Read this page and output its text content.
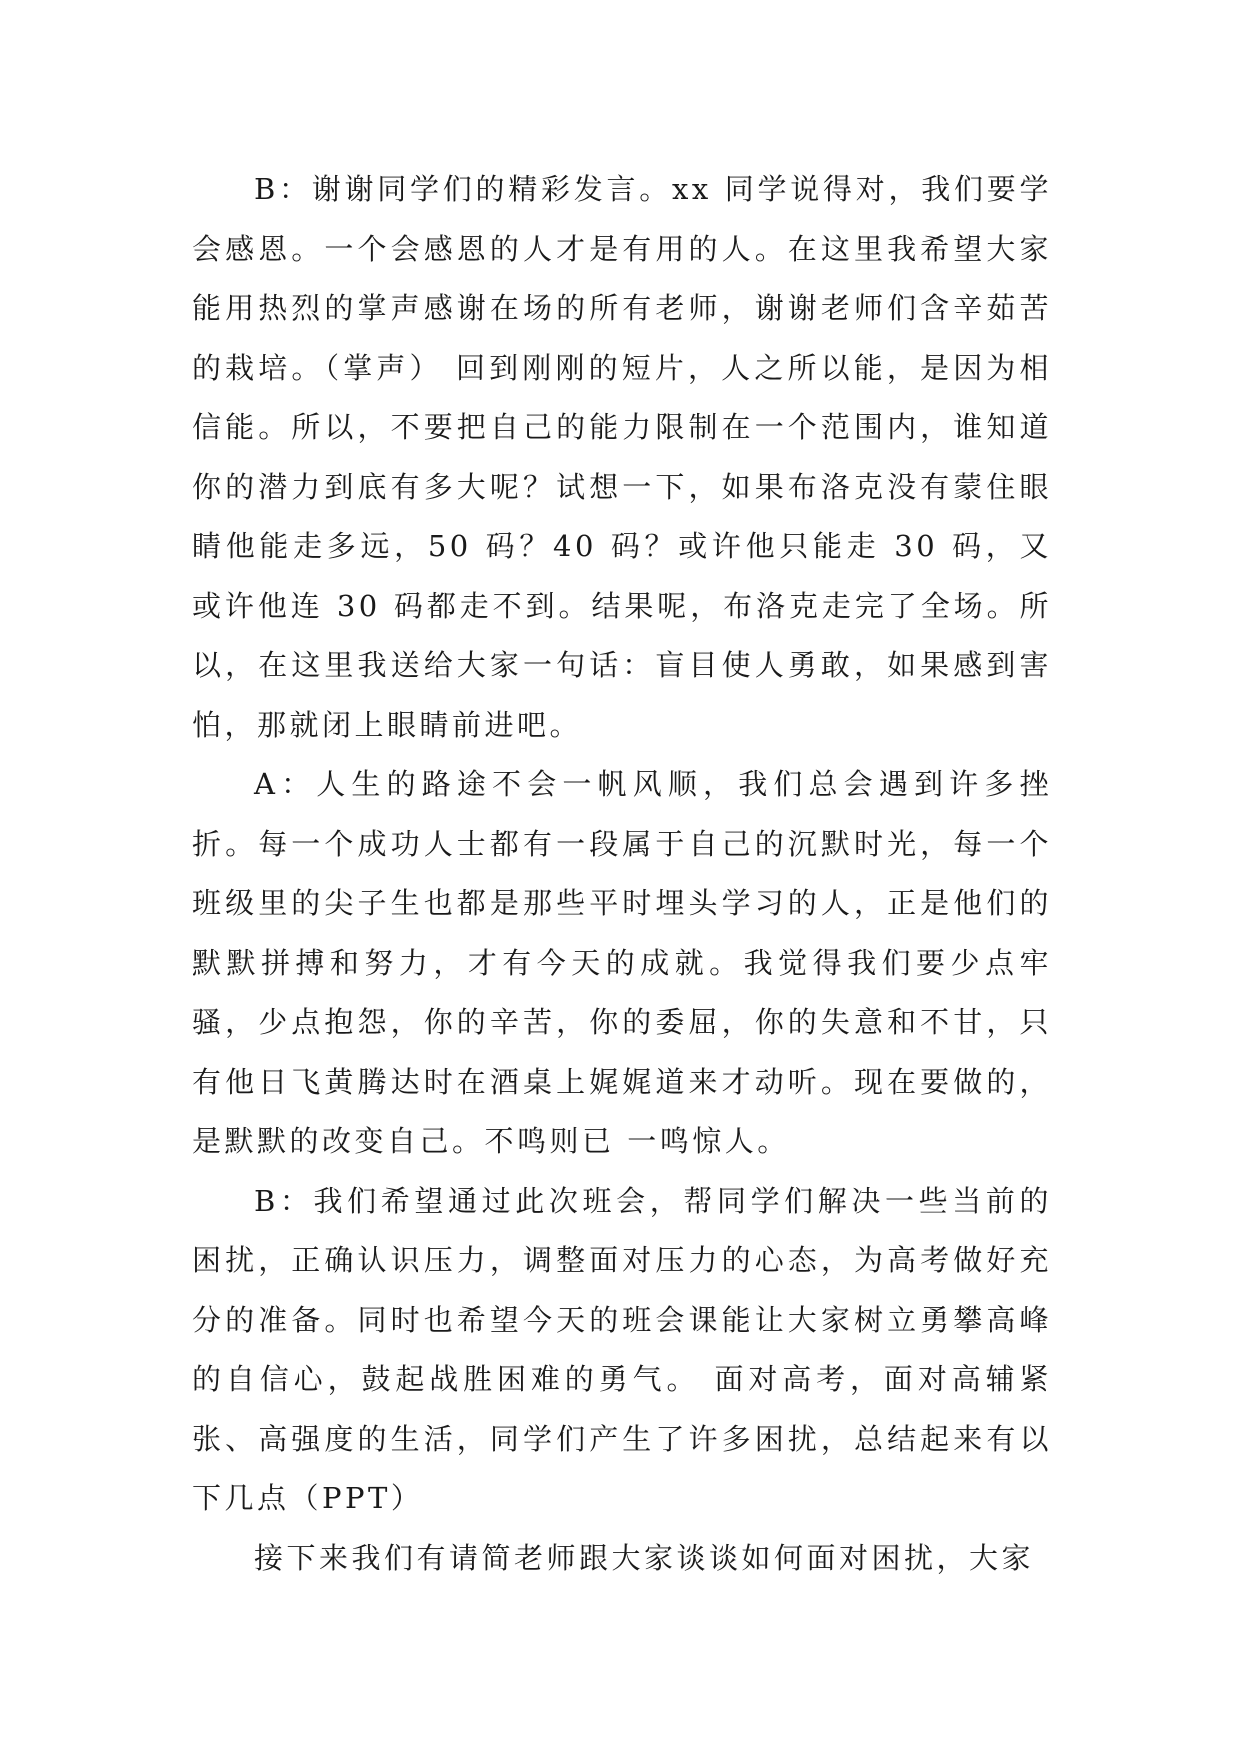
B：谢谢同学们的精彩发言。xx 同学说得对，我们要学会感恩。一个会感恩的人才是有用的人。在这里我希望大家能用热烈的掌声感谢在场的所有老师，谢谢老师们含辛茹苦的栽培。（掌声） 回到刚刚的短片，人之所以能，是因为相信能。所以，不要把自己的能力限制在一个范围内，谁知道你的潜力到底有多大呢？试想一下，如果布洛克没有蒙住眼睛他能走多远，50 码？40 码？或许他只能走 30 码，又或许他连 30 码都走不到。结果呢，布洛克走完了全场。所以，在这里我送给大家一句话：盲目使人勇敢，如果感到害怕，那就闭上眼睛前进吧。

A：人生的路途不会一帆风顺，我们总会遇到许多挫折。每一个成功人士都有一段属于自己的沉默时光，每一个班级里的尖子生也都是那些平时埋头学习的人，正是他们的默默拼搏和努力，才有今天的成就。我觉得我们要少点牢骚，少点抱怨，你的辛苦，你的委屈，你的失意和不甘，只有他日飞黄腾达时在酒桌上娓娓道来才动听。现在要做的，是默默的改变自己。不鸣则已 一鸣惊人。

B：我们希望通过此次班会，帮同学们解决一些当前的困扰，正确认识压力，调整面对压力的心态，为高考做好充分的准备。同时也希望今天的班会课能让大家树立勇攀高峰的自信心，鼓起战胜困难的勇气。 面对高考，面对高辅紧张、高强度的生活，同学们产生了许多困扰，总结起来有以下几点（PPT）

接下来我们有请简老师跟大家谈谈如何面对困扰，大家
